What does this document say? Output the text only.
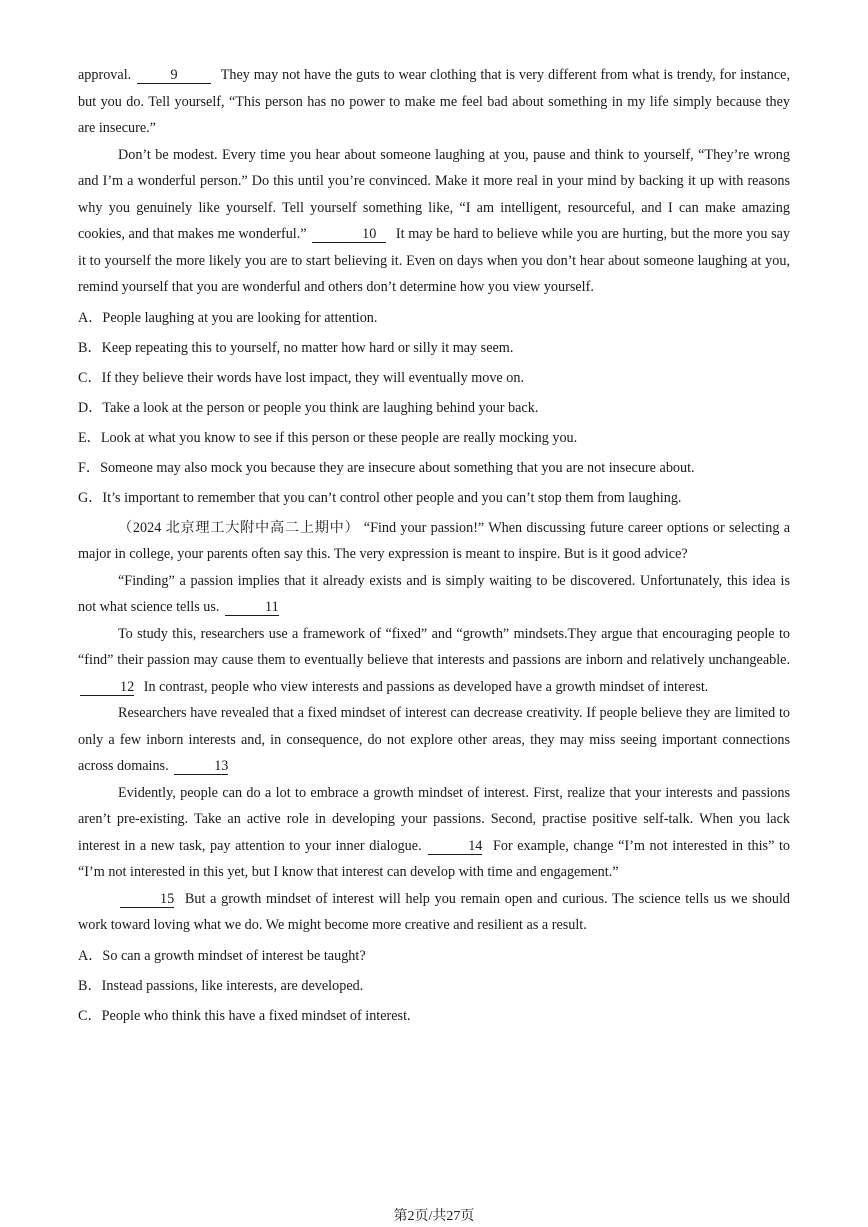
approval.	9	They may not have the guts to wear clothing that is very different from what is trendy, for instance, but you do. Tell yourself, “This person has no power to make me feel bad about something in my life simply because they are insecure.”

Don’t be modest. Every time you hear about someone laughing at you, pause and think to yourself, “They’re wrong and I’m a wonderful person.” Do this until you’re convinced. Make it more real in your mind by backing it up with reasons why you genuinely like yourself. Tell yourself something like, “I am intelligent, resourceful, and I can make amazing cookies, and that makes me wonderful.”	10 It may be hard to believe while you are hurting, but the more you say it to yourself the more likely you are to start believing it. Even on days when you don’t hear about someone laughing at you, remind yourself that you are wonderful and others don’t determine how you view yourself.

A．People laughing at you are looking for attention.

B．Keep repeating this to yourself, no matter how hard or silly it may seem.

C．If they believe their words have lost impact, they will eventually move on.

D．Take a look at the person or people you think are laughing behind your back.

E．Look at what you know to see if this person or these people are really mocking you.

F．Someone may also mock you because they are insecure about something that you are not insecure about.

G．It’s important to remember that you can’t control other people and you can’t stop them from laughing.

（2024 北京理工大附中高二上期中） “Find your passion!” When discussing future career options or selecting a major in college, your parents often say this. The very expression is meant to inspire. But is it good advice?

“Finding” a passion implies that it already exists and is simply waiting to be discovered. Unfortunately, this idea is not what science tells us.	11

To study this, researchers use a framework of “fixed” and “growth” mindsets.They argue that encouraging people to “find” their passion may cause them to eventually believe that interests and passions are inborn and relatively unchangeable. 12 In contrast, people who view interests and passions as developed have a growth mindset of interest.

Researchers have revealed that a fixed mindset of interest can decrease creativity. If people believe they are limited to only a few inborn interests and, in consequence, do not explore other areas, they may miss seeing important connections across domains.	13

Evidently, people can do a lot to embrace a growth mindset of interest. First, realize that your interests and passions aren’t pre-existing. Take an active role in developing your passions. Second, practise positive self-talk. When you lack interest in a new task, pay attention to your inner dialogue.	14 For example, change “I’m not interested in this” to “I’m not interested in this yet, but I know that interest can develop with time and engagement.”

15 But a growth mindset of interest will help you remain open and curious. The science tells us we should work toward loving what we do. We might become more creative and resilient as a result.

A．So can a growth mindset of interest be taught?

B．Instead passions, like interests, are developed.

C．People who think this have a fixed mindset of interest.

第2页/共27页
